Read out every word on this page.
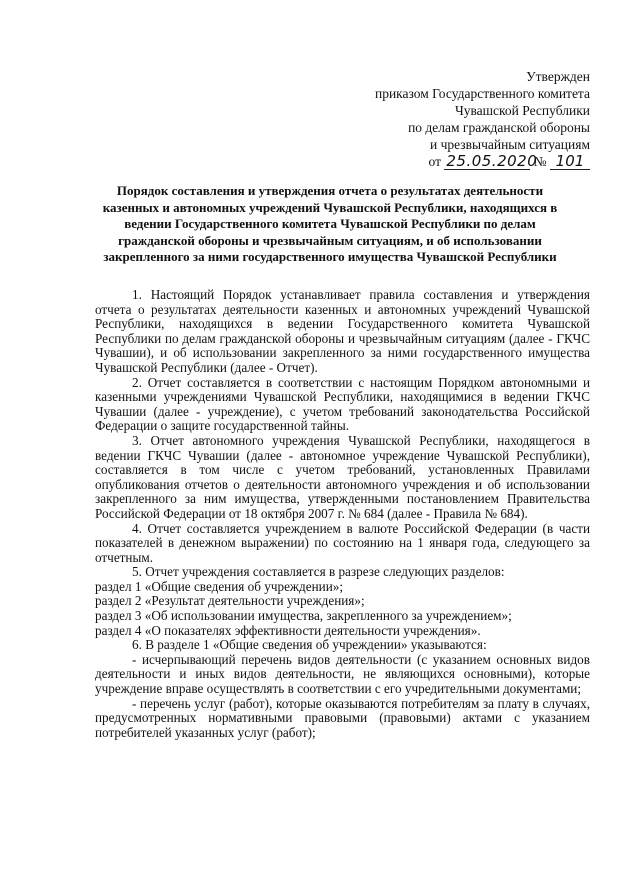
Утвержден
приказом Государственного комитета
Чувашской Республики
по делам гражданской обороны
и чрезвычайным ситуациям
от 25.05.2020 № 101
Порядок составления и утверждения отчета о результатах деятельности казенных и автономных учреждений Чувашской Республики, находящихся в ведении Государственного комитета Чувашской Республики по делам гражданской обороны и чрезвычайным ситуациям, и об использовании закрепленного за ними государственного имущества Чувашской Республики

1. Настоящий Порядок устанавливает правила составления и утверждения отчета о результатах деятельности казенных и автономных учреждений Чувашской Республики, находящихся в ведении Государственного комитета Чувашской Республики по делам гражданской обороны и чрезвычайным ситуациям (далее - ГКЧС Чувашии), и об использовании закрепленного за ними государственного имущества Чувашской Республики (далее - Отчет).

2. Отчет составляется в соответствии с настоящим Порядком автономными и казенными учреждениями Чувашской Республики, находящимися в ведении ГКЧС Чувашии (далее - учреждение), с учетом требований законодательства Российской Федерации о защите государственной тайны.

3. Отчет автономного учреждения Чувашской Республики, находящегося в ведении ГКЧС Чувашии (далее - автономное учреждение Чувашской Республики), составляется в том числе с учетом требований, установленных Правилами опубликования отчетов о деятельности автономного учреждения и об использовании закрепленного за ним имущества, утвержденными постановлением Правительства Российской Федерации от 18 октября 2007 г. № 684 (далее - Правила № 684).

4. Отчет составляется учреждением в валюте Российской Федерации (в части показателей в денежном выражении) по состоянию на 1 января года, следующего за отчетным.

5. Отчет учреждения составляется в разрезе следующих разделов:

раздел 1 «Общие сведения об учреждении»;

раздел 2 «Результат деятельности учреждения»;

раздел 3 «Об использовании имущества, закрепленного за учреждением»;

раздел 4 «О показателях эффективности деятельности учреждения».

6. В разделе 1 «Общие сведения об учреждении» указываются:

- исчерпывающий перечень видов деятельности (с указанием основных видов деятельности и иных видов деятельности, не являющихся основными), которые учреждение вправе осуществлять в соответствии с его учредительными документами;

- перечень услуг (работ), которые оказываются потребителям за плату в случаях, предусмотренных нормативными правовыми (правовыми) актами с указанием потребителей указанных услуг (работ);
